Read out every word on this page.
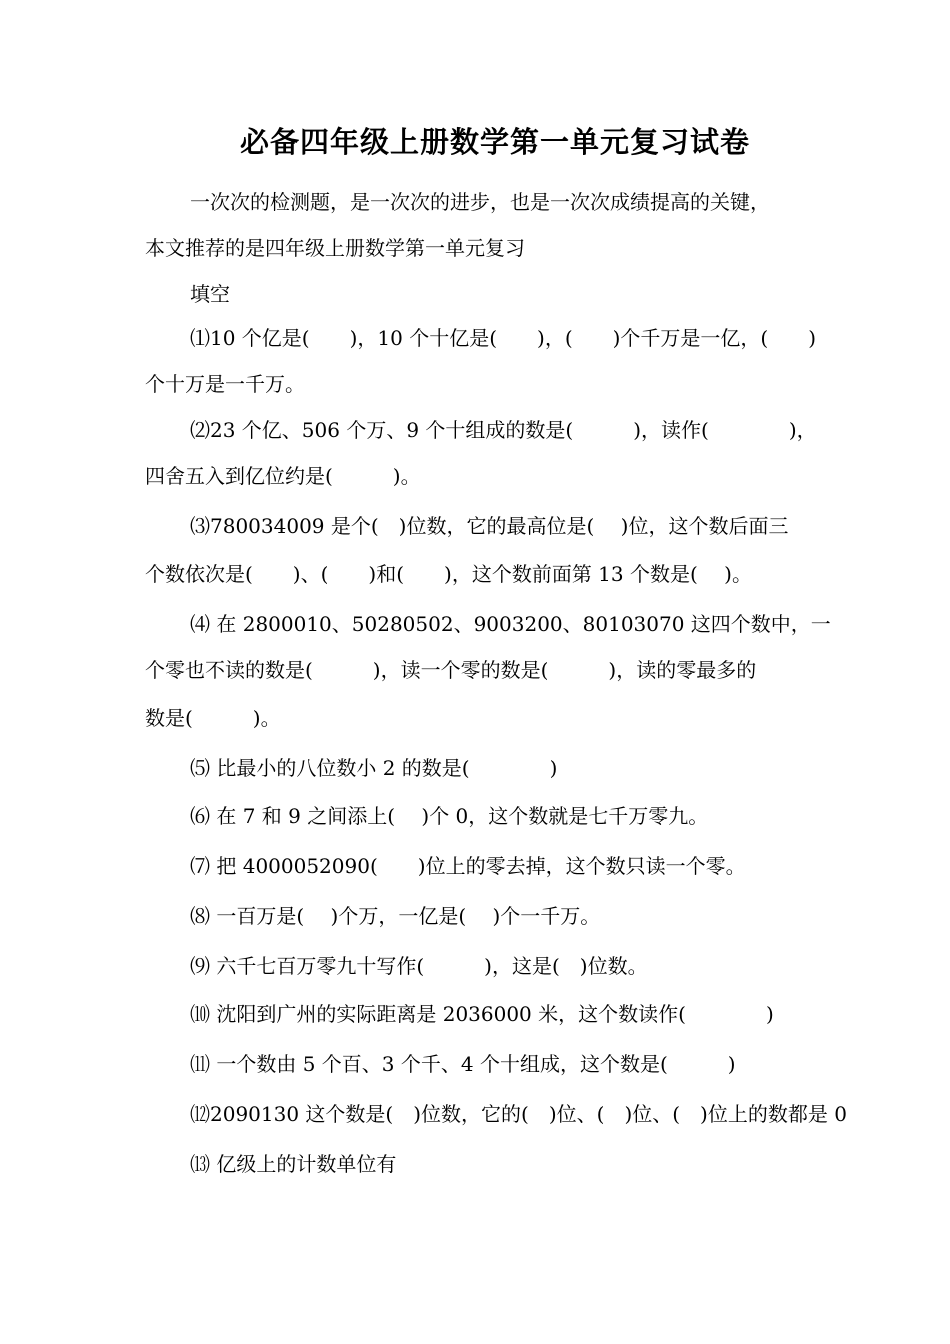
必备四年级上册数学第一单元复习试卷
一次次的检测题，是一次次的进步，也是一次次成绩提高的关键，
本文推荐的是四年级上册数学第一单元复习
填空
⑴10 个亿是(　　)，10 个十亿是(　　)，(　　)个千万是一亿，(　　)
个十万是一千万。
⑵23 个亿、506 个万、9 个十组成的数是(　　　)，读作(　　　　)，
四舍五入到亿位约是(　　　)。
⑶780034009 是个(　)位数，它的最高位是(　 )位，这个数后面三
个数依次是(　　)、(　　)和(　　)，这个数前面第 13 个数是(　 )。
⑷ 在 2800010、50280502、9003200、80103070 这四个数中，一
个零也不读的数是(　　　)，读一个零的数是(　　　)，读的零最多的
数是(　　　)。
⑸ 比最小的八位数小 2 的数是(　　　　)
⑹ 在 7 和 9 之间添上(　 )个 0，这个数就是七千万零九。
⑺ 把 4000052090(　　)位上的零去掉，这个数只读一个零。
⑻ 一百万是(　 )个万，一亿是(　 )个一千万。
⑼ 六千七百万零九十写作(　　　)，这是(　)位数。
⑽ 沈阳到广州的实际距离是 2036000 米，这个数读作(　　　　)
⑾ 一个数由 5 个百、3 个千、4 个十组成，这个数是(　　　)
⑿2090130 这个数是(　)位数，它的(　)位、(　)位、(　)位上的数都是 0
⒀ 亿级上的计数单位有
